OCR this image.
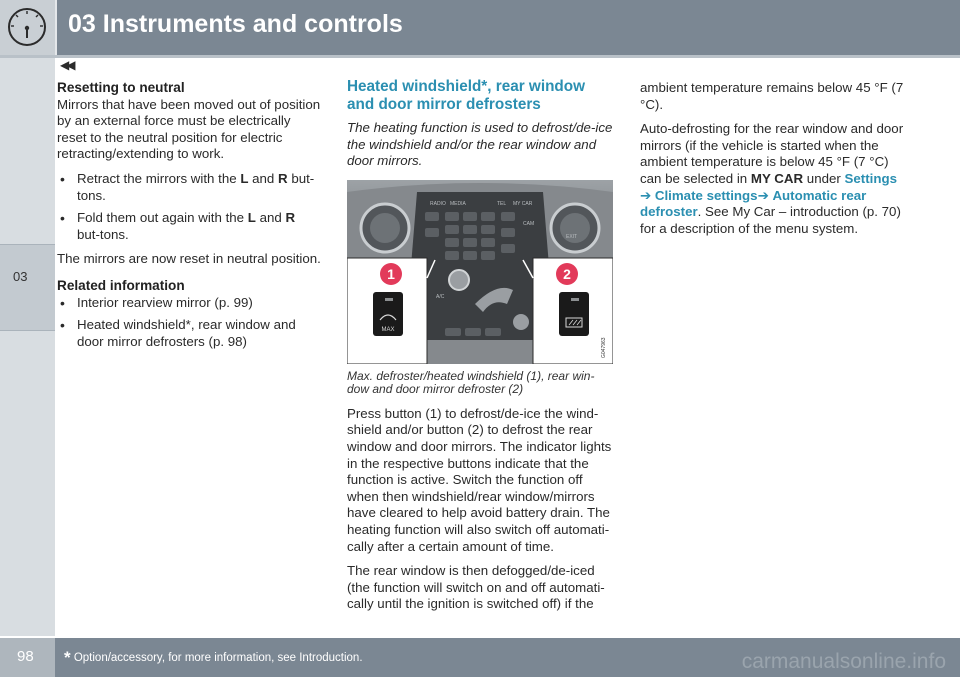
03 Instruments and controls
03
◀◀
Resetting to neutral

Mirrors that have been moved out of position by an external force must be electrically reset to the neutral position for electric retracting/extending to work.

• Retract the mirrors with the L and R but-tons.
• Fold them out again with the L and R but-tons.

The mirrors are now reset in neutral position.

Related information
• Interior rearview mirror (p. 99)
• Heated windshield*, rear window and door mirror defrosters (p. 98)
Heated windshield*, rear window and door mirror defrosters

The heating function is used to defrost/de-ice the windshield and/or the rear window and door mirrors.

EXIT
RADIO MEDIA	TEL MY CAR
CAM
A/C
MAX
1	2
G047963

Max. defroster/heated windshield (1), rear win-dow and door mirror defroster (2)

Press button (1) to defrost/de-ice the wind-shield and/or button (2) to defrost the rear window and door mirrors. The indicator lights in the respective buttons indicate that the function is active. Switch the function off when then windshield/rear window/mirrors have cleared to help avoid battery drain. The heating function will also switch off automati-cally after a certain amount of time.

The rear window is then defogged/de-iced (the function will switch on and off automati-cally until the ignition is switched off) if the

ambient temperature remains below 45 °F (7 °C).

Auto-defrosting for the rear window and door mirrors (if the vehicle is started when the ambient temperature is below 45 °F (7 °C) can be selected in MY CAR under Settings
➔ Climate settings➔ Automatic rear defroster. See My Car – introduction (p. 70) for a description of the menu system.

98 * Option/accessory, for more information, see Introduction.	carmanualsonline.info
